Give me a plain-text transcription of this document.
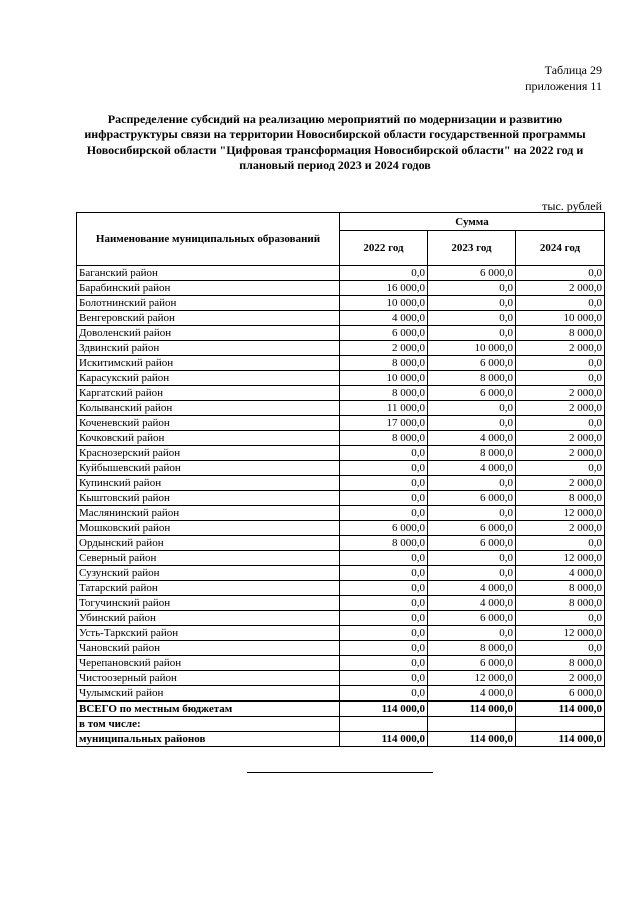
Таблица 29
приложения 11
Распределение субсидий на реализацию мероприятий по модернизации и развитию инфраструктуры связи на территории Новосибирской области государственной программы Новосибирской области "Цифровая трансформация Новосибирской области" на 2022 год и плановый период 2023 и 2024 годов
тыс. рублей
Наименование муниципальных образований	Сумма		
	2022 год	2023 год	2024 год
Баганский район	0,0	6 000,0	0,0
Барабинский район	16 000,0	0,0	2 000,0
Болотнинский район	10 000,0	0,0	0,0
Венгеровский район	4 000,0	0,0	10 000,0
Доволенский район	6 000,0	0,0	8 000,0
Здвинский район	2 000,0	10 000,0	2 000,0
Искитимский район	8 000,0	6 000,0	0,0
Карасукский район	10 000,0	8 000,0	0,0
Каргатский район	8 000,0	6 000,0	2 000,0
Колыванский район	11 000,0	0,0	2 000,0
Коченевский район	17 000,0	0,0	0,0
Кочковский район	8 000,0	4 000,0	2 000,0
Краснозерский район	0,0	8 000,0	2 000,0
Куйбышевский район	0,0	4 000,0	0,0
Купинский район	0,0	0,0	2 000,0
Кыштовский район	0,0	6 000,0	8 000,0
Маслянинский район	0,0	0,0	12 000,0
Мошковский район	6 000,0	6 000,0	2 000,0
Ордынский район	8 000,0	6 000,0	0,0
Северный район	0,0	0,0	12 000,0
Сузунский район	0,0	0,0	4 000,0
Татарский район	0,0	4 000,0	8 000,0
Тогучинский район	0,0	4 000,0	8 000,0
Убинский район	0,0	6 000,0	0,0
Усть-Таркский район	0,0	0,0	12 000,0
Чановский район	0,0	8 000,0	0,0
Черепановский район	0,0	6 000,0	8 000,0
Чистоозерный район	0,0	12 000,0	2 000,0
Чулымский район	0,0	4 000,0	6 000,0
ВСЕГО по местным бюджетам	114 000,0	114 000,0	114 000,0
в том числе:			
муниципальных районов	114 000,0	114 000,0	114 000,0
